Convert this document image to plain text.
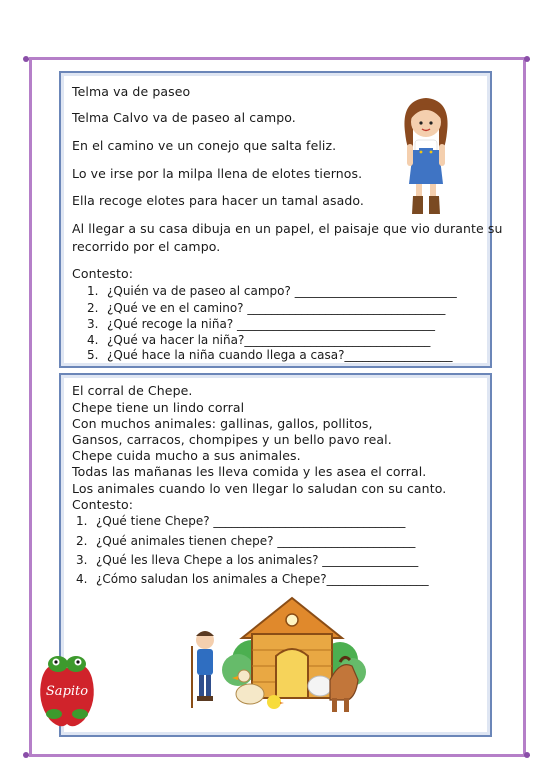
Telma va de paseo
Telma Calvo va de paseo al campo.
En el camino ve un conejo que salta feliz.
Lo ve irse por la milpa llena de elotes tiernos.
Ella recoge elotes para hacer un tamal asado.
Al llegar a su casa dibuja en un papel, el paisaje que vio durante su
recorrido por el campo.
Contesto:
1. ¿Quién va de paseo al campo? ___________________________
2. ¿Qué ve en el camino? _________________________________
3. ¿Qué recoge la niña? _________________________________
4. ¿Qué va hacer la niña?_______________________________
5. ¿Qué hace la niña cuando llega a casa?__________________
El corral de Chepe.
Chepe tiene un lindo corral
Con muchos animales: gallinas, gallos, pollitos,
Gansos, carracos, chompipes y un bello pavo real.
Chepe cuida mucho a sus animales.
Todas las mañanas les lleva comida y les asea el corral.
Los animales cuando lo ven llegar lo saludan con su canto.
Contesto:
1. ¿Qué tiene Chepe? ________________________________
2. ¿Qué animales tienen chepe? _______________________
3. ¿Qué les lleva Chepe a los animales? ________________
4. ¿Cómo saludan los animales a Chepe?_________________
Sapito
